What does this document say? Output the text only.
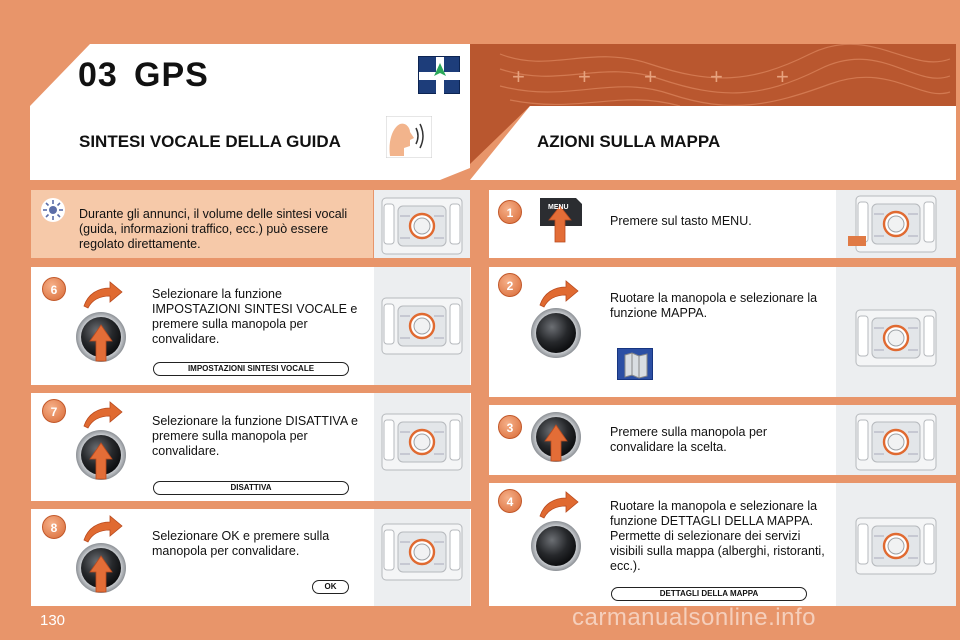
+ + + + +
03 GPS
SINTESI VOCALE DELLA GUIDA	AZIONI SULLA MAPPA
Durante gli annunci, il volume delle sintesi vocali (guida, informazioni traffico, ecc.) può essere regolato direttamente.
6
7
8
1
2
3
4
MENU
Selezionare la funzione IMPOSTAZIONI SINTESI VOCALE e premere sulla manopola per convalidare.
Selezionare la funzione DISATTIVA e premere sulla manopola per convalidare.
Selezionare OK e premere sulla manopola per convalidare.
Premere sul tasto MENU.
Ruotare la manopola e selezionare la funzione MAPPA.
Premere sulla manopola per convalidare la scelta.
Ruotare la manopola e selezionare la funzione DETTAGLI DELLA MAPPA. Permette di selezionare dei servizi visibili sulla mappa (alberghi, ristoranti, ecc.).
IMPOSTAZIONI SINTESI VOCALE
DISATTIVA
OK
DETTAGLI DELLA MAPPA
130	carmanualsonline.info
